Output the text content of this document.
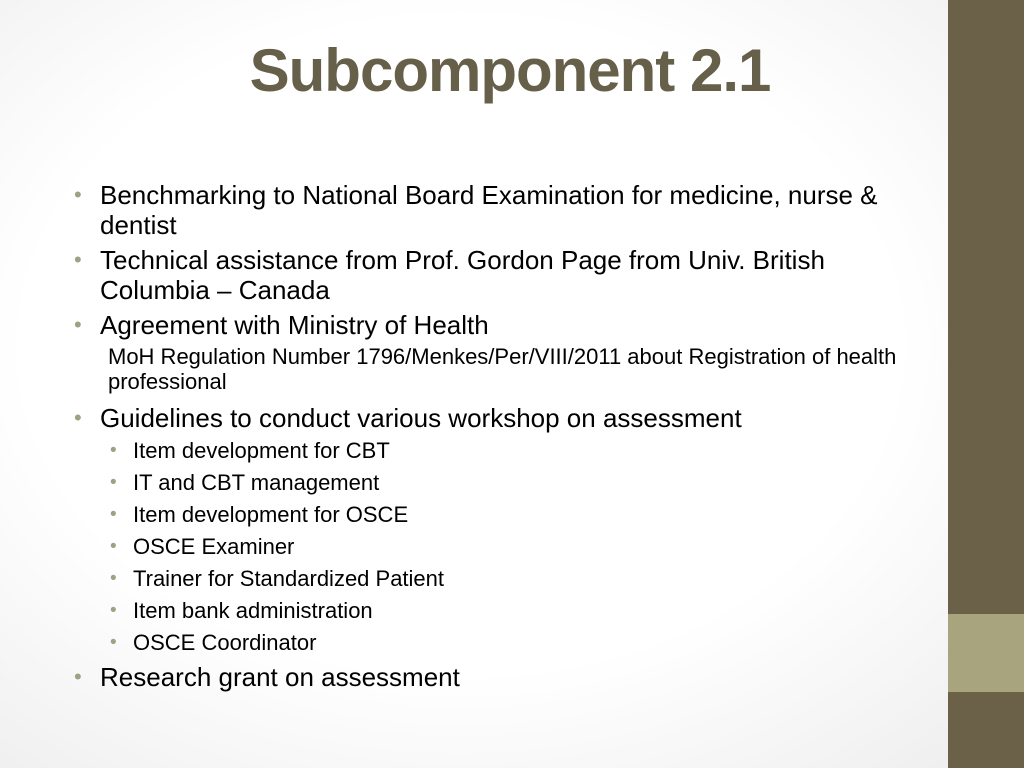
Subcomponent 2.1
• Benchmarking to National Board Examination for medicine, nurse & dentist
• Technical assistance from Prof. Gordon Page from Univ. British Columbia – Canada
• Agreement with Ministry of Health
MoH Regulation Number 1796/Menkes/Per/VIII/2011 about Registration of health professional
• Guidelines to conduct various workshop on assessment
• Item development for CBT
• IT and CBT management
• Item development for OSCE
• OSCE Examiner
• Trainer for Standardized Patient
• Item bank administration
• OSCE Coordinator
• Research grant on assessment
